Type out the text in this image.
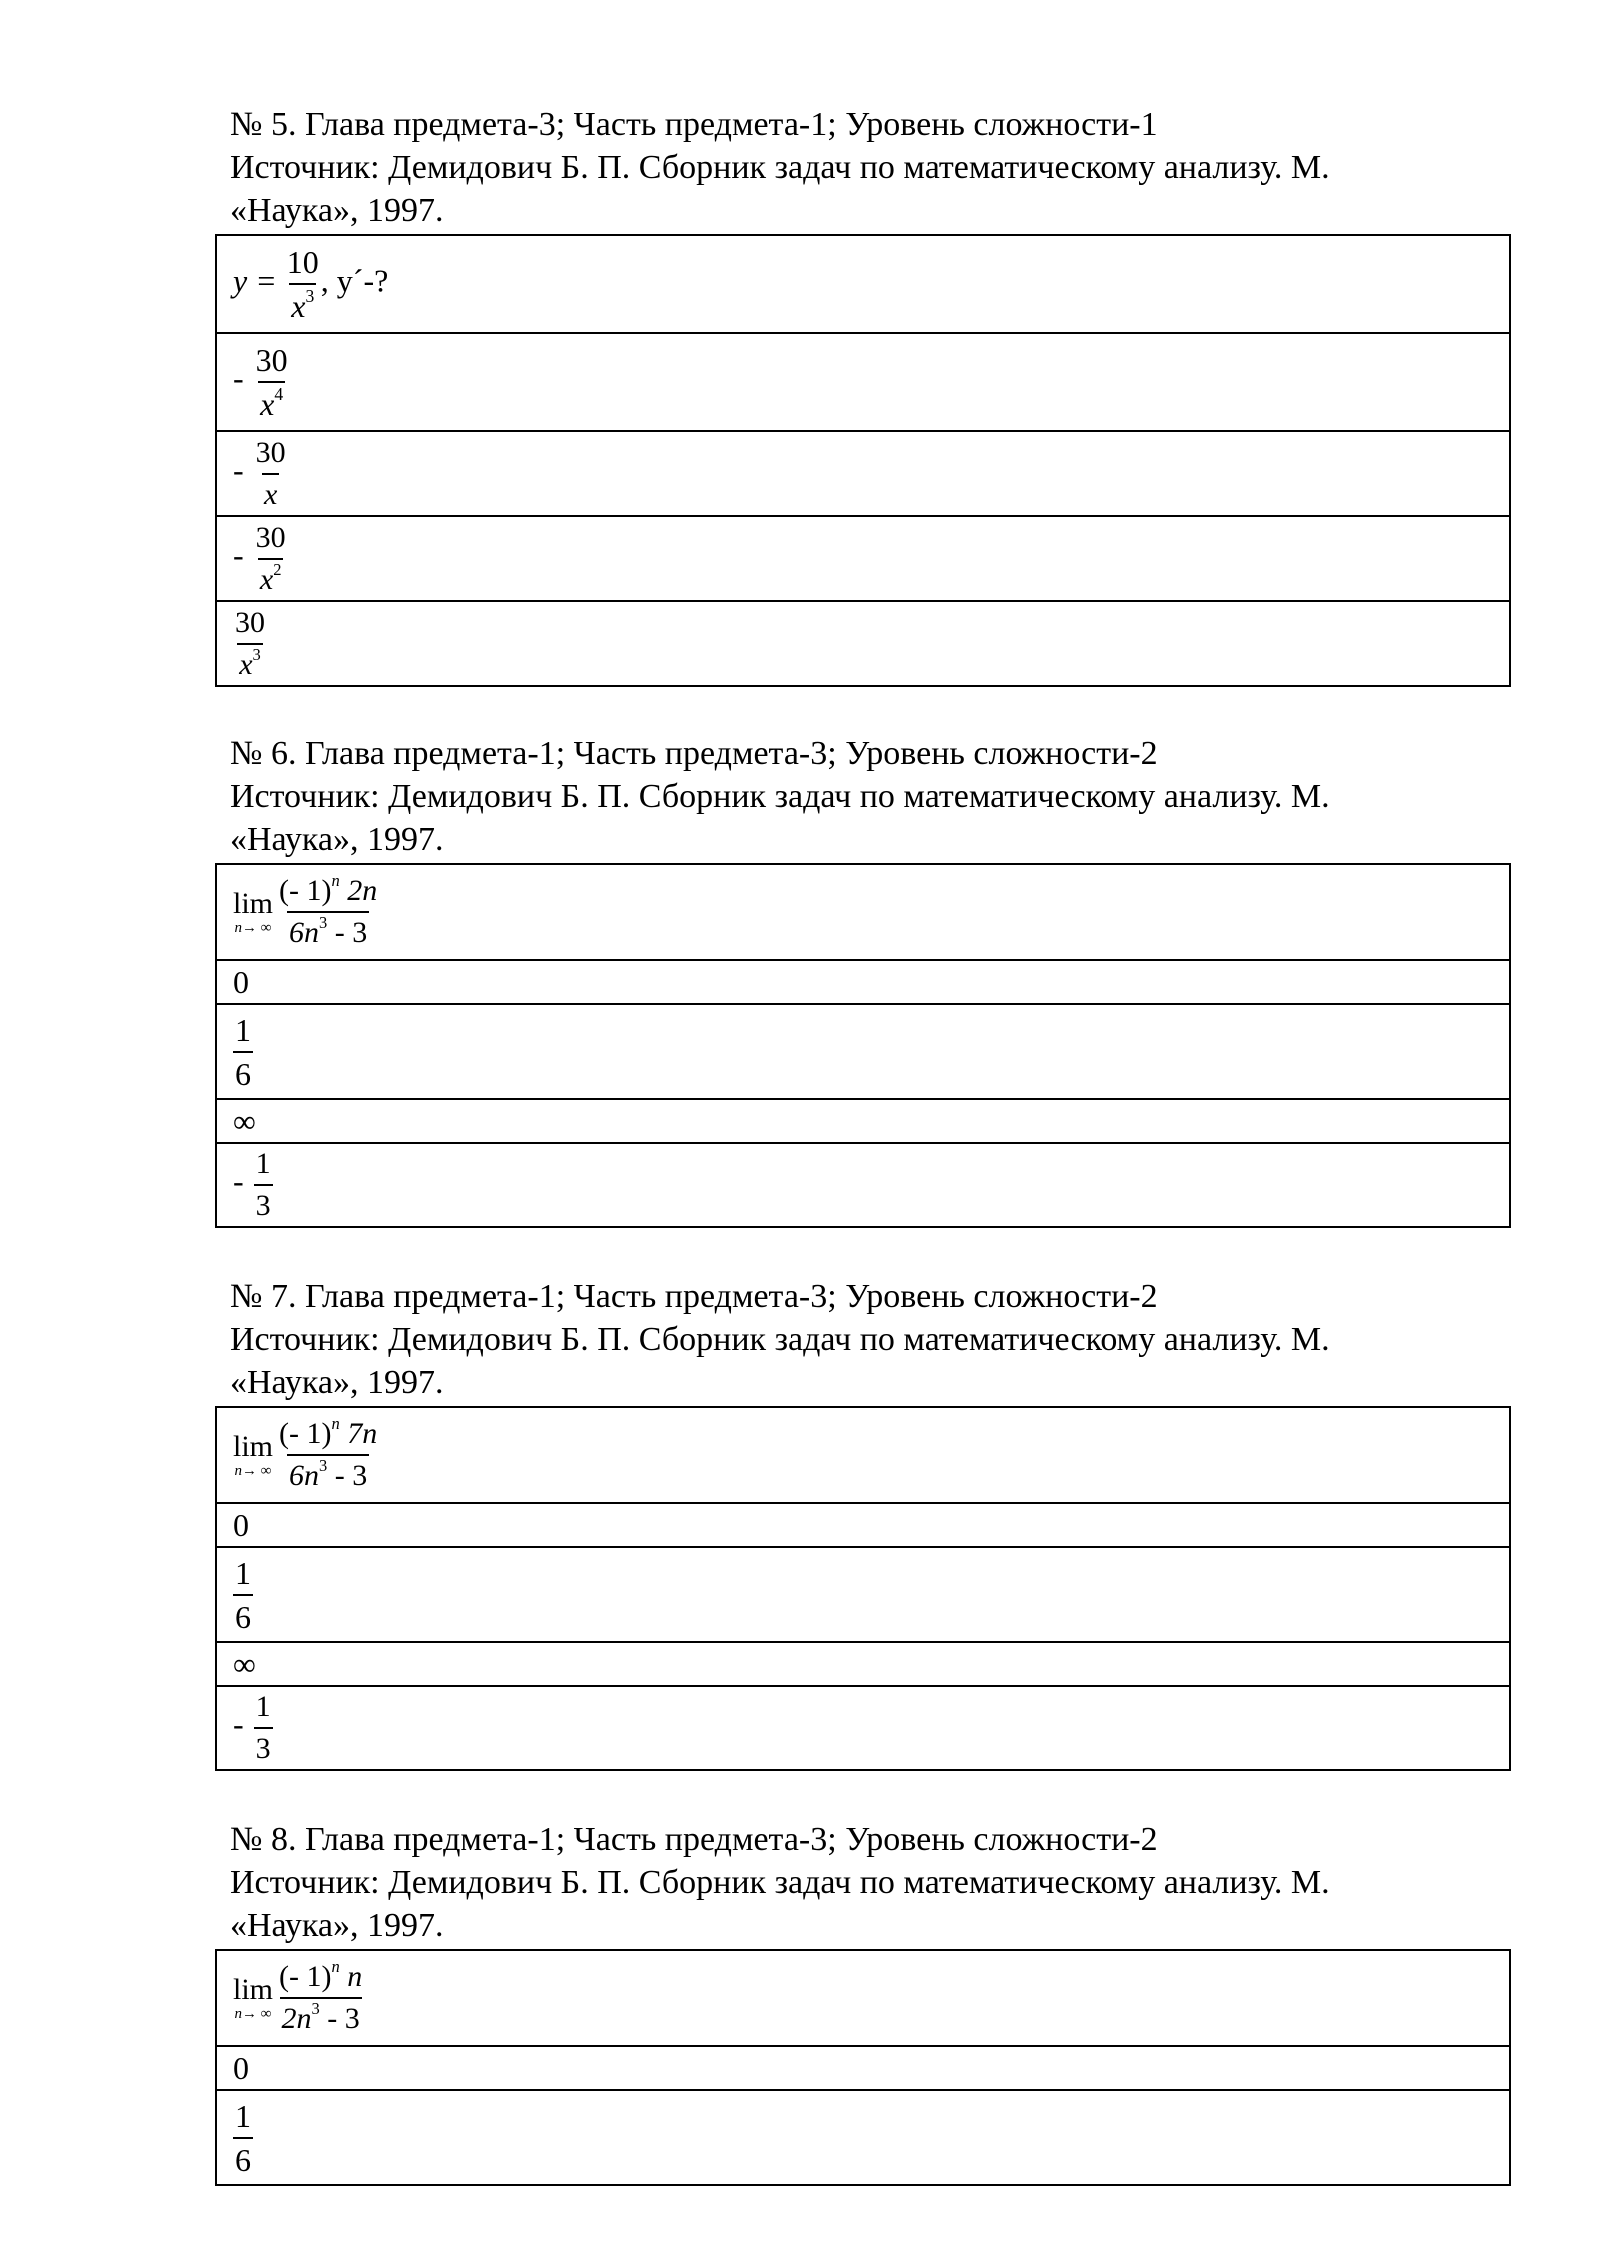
№ 5. Глава предмета-3; Часть предмета-1; Уровень сложности-1
Источник: Демидович Б. П. Сборник задач по математическому анализу. М.
«Наука», 1997.
$y = \frac{10}{x^3}$ , y´-?
- $\frac{30}{x^4}$

- $\frac{30}{x}$

- $\frac{30}{x^2}$

$\frac{30}{x^3}$
№ 6. Глава предмета-1; Часть предмета-3; Уровень сложности-2
Источник: Демидович Б. П. Сборник задач по математическому анализу. М.
«Наука», 1997.
lim
n→ ∞ $\frac{(- 1)^n 2n}{6n^3 - 3}$

0

$\frac{1}{6}$

∞
- $\frac{1}{3}$
№ 7. Глава предмета-1; Часть предмета-3; Уровень сложности-2
Источник: Демидович Б. П. Сборник задач по математическому анализу. М.
«Наука», 1997.
lim
n→ ∞ $\frac{(- 1)^n 7n}{6n^3 - 3}$

0

$\frac{1}{6}$

∞
- $\frac{1}{3}$
№ 8. Глава предмета-1; Часть предмета-3; Уровень сложности-2
Источник: Демидович Б. П. Сборник задач по математическому анализу. М.
«Наука», 1997.
lim
n→ ∞ $\frac{(- 1)^n n}{2n^3 - 3}$

0

$\frac{1}{6}$
